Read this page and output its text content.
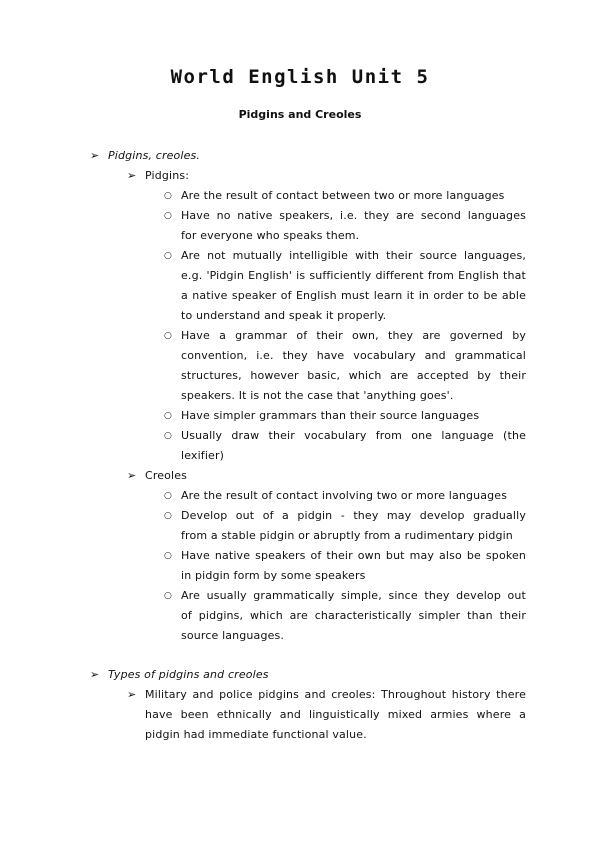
World English Unit 5
Pidgins and Creoles
➢ Pidgins, creoles.
➢ Pidgins:
○ Are the result of contact between two or more languages
○ Have no native speakers, i.e. they are second languages
for everyone who speaks them.
○ Are not mutually intelligible with their source languages,
e.g. 'Pidgin English' is sufficiently different from English that
a native speaker of English must learn it in order to be able
to understand and speak it properly.
○ Have a grammar of their own, they are governed by
convention, i.e. they have vocabulary and grammatical
structures, however basic, which are accepted by their
speakers. It is not the case that 'anything goes'.
○ Have simpler grammars than their source languages
○ Usually draw their vocabulary from one language (the
lexifier)
➢ Creoles
○ Are the result of contact involving two or more languages
○ Develop out of a pidgin - they may develop gradually
from a stable pidgin or abruptly from a rudimentary pidgin
○ Have native speakers of their own but may also be spoken
in pidgin form by some speakers
○ Are usually grammatically simple, since they develop out
of pidgins, which are characteristically simpler than their
source languages.
➢ Types of pidgins and creoles
➢ Military and police pidgins and creoles: Throughout history there
have been ethnically and linguistically mixed armies where a
pidgin had immediate functional value.
